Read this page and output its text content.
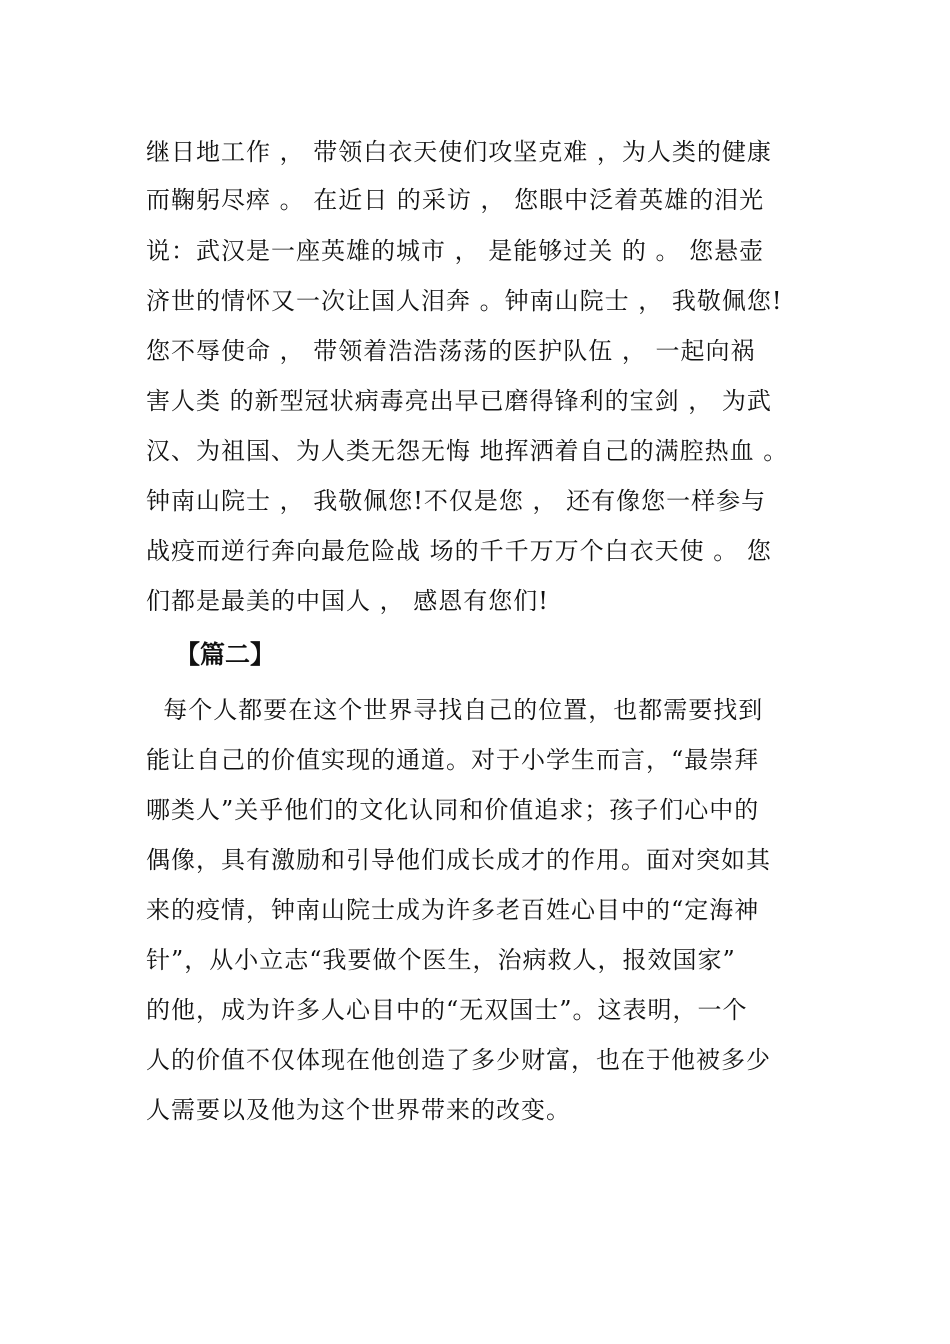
继日地工作 ， 带领白衣天使们攻坚克难 ，为人类的健康
而鞠躬尽瘁 。 在近日 的采访 ， 您眼中泛着英雄的泪光
说：武汉是一座英雄的城市 ， 是能够过关 的 。 您悬壶
济世的情怀又一次让国人泪奔 。钟南山院士 ， 我敬佩您!
您不辱使命 ， 带领着浩浩荡荡的医护队伍 ， 一起向祸
害人类 的新型冠状病毒亮出早已磨得锋利的宝剑 ， 为武
汉、为祖国、为人类无怨无悔 地挥洒着自己的满腔热血 。
钟南山院士 ， 我敬佩您!不仅是您 ， 还有像您一样参与
战疫而逆行奔向最危险战 场的千千万万个白衣天使 。 您
们都是最美的中国人 ， 感恩有您们!
【篇二】
每个人都要在这个世界寻找自己的位置，也都需要找到
能让自己的价值实现的通道。对于小学生而言，“最崇拜
哪类人”关乎他们的文化认同和价值追求；孩子们心中的
偶像，具有激励和引导他们成长成才的作用。面对突如其
来的疫情，钟南山院士成为许多老百姓心目中的“定海神
针”，从小立志“我要做个医生，治病救人，报效国家”
的他，成为许多人心目中的“无双国士”。这表明，一个
人的价值不仅体现在他创造了多少财富，也在于他被多少
人需要以及他为这个世界带来的改变。
